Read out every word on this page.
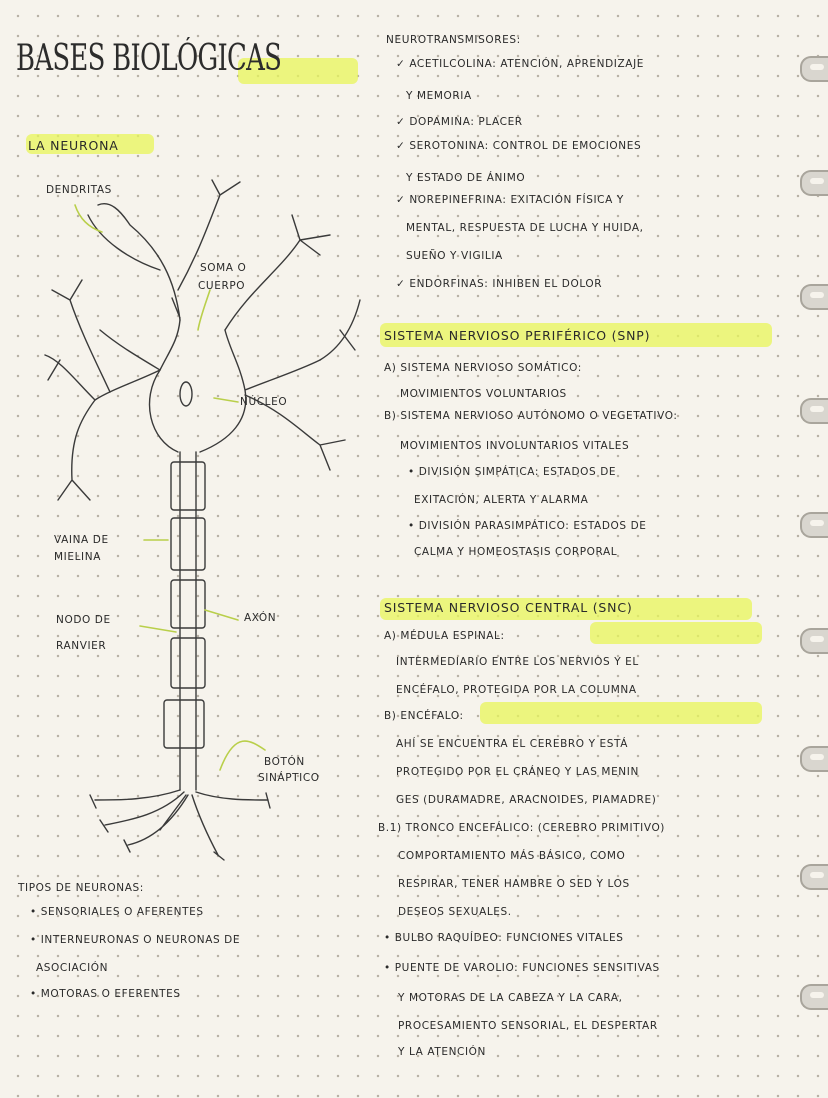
BASES BIOLÓGICAS
LA NEURONA
DENDRITAS
SOMA O
CUERPO
NÚCLEO
VAINA DE
MIELINA
NODO DE
RANVIER
AXÓN
BOTÓN
SINÁPTICO
TIPOS DE NEURONAS:
• SENSORIALES O AFERENTES
• INTERNEURONAS O NEURONAS DE
ASOCIACIÓN
• MOTORAS O EFERENTES
NEUROTRANSMISORES:
✓ ACETILCOLINA: ATENCIÓN, APRENDIZAJE
Y MEMORIA
✓ DOPAMINA: PLACER
✓ SEROTONINA: CONTROL DE EMOCIONES
Y ESTADO DE ÁNIMO
✓ NOREPINEFRINA: EXITACIÓN FÍSICA Y
MENTAL, RESPUESTA DE LUCHA Y HUIDA,
SUEÑO Y VIGILIA
✓ ENDORFINAS: INHIBEN EL DOLOR
SISTEMA NERVIOSO PERIFÉRICO (SNP)
A) SISTEMA NERVIOSO SOMÁTICO:
MOVIMIENTOS VOLUNTARIOS
B) SISTEMA NERVIOSO AUTÓNOMO O VEGETATIVO:
MOVIMIENTOS INVOLUNTARIOS VITALES
• DIVISIÓN SIMPÁTICA: ESTADOS DE
EXITACIÓN, ALERTA Y ALARMA
• DIVISIÓN PARASIMPÁTICO: ESTADOS DE
CALMA Y HOMEOSTASIS CORPORAL
SISTEMA NERVIOSO CENTRAL (SNC)
A) MÉDULA ESPINAL:
INTERMEDIARIO ENTRE LOS NERVIOS Y EL
ENCÉFALO, PROTEGIDA POR LA COLUMNA
B) ENCÉFALO:
AHÍ SE ENCUENTRA EL CEREBRO Y ESTÁ
PROTEGIDO POR EL CRÁNEO Y LAS MENIN
GES (DURAMADRE, ARACNOIDES, PIAMADRE)
B.1) TRONCO ENCEFÁLICO: (CEREBRO PRIMITIVO)
COMPORTAMIENTO MÁS BÁSICO, COMO
RESPIRAR, TENER HAMBRE O SED Y LOS
DESEOS SEXUALES.
• BULBO RAQUÍDEO: FUNCIONES VITALES
• PUENTE DE VAROLIO: FUNCIONES SENSITIVAS
Y MOTORAS DE LA CABEZA Y LA CARA,
PROCESAMIENTO SENSORIAL, EL DESPERTAR
Y LA ATENCIÓN
